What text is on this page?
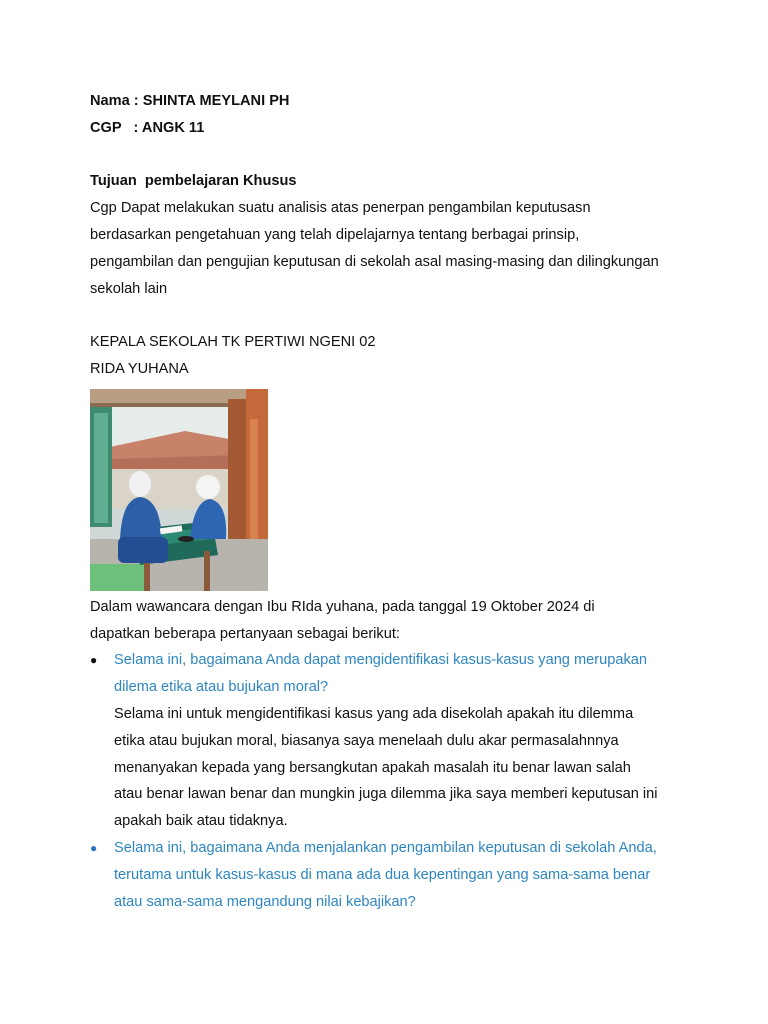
Nama : SHINTA MEYLANI PH
CGP   : ANGK 11
Tujuan  pembelajaran Khusus
Cgp Dapat melakukan suatu analisis atas penerpan pengambilan keputusasn
berdasarkan pengetahuan yang telah dipelajarnya tentang berbagai prinsip,
pengambilan dan pengujian keputusan di sekolah asal masing-masing dan dilingkungan
sekolah lain
KEPALA SEKOLAH TK PERTIWI NGENI 02
RIDA YUHANA
Dalam wawancara dengan Ibu RIda yuhana, pada tanggal 19 Oktober 2024 di
dapatkan beberapa pertanyaan sebagai berikut:
● Selama ini, bagaimana Anda dapat mengidentifikasi kasus-kasus yang merupakan
dilema etika atau bujukan moral?
Selama ini untuk mengidentifikasi kasus yang ada disekolah apakah itu dilemma
etika atau bujukan moral, biasanya saya menelaah dulu akar permasalahnnya
menanyakan kepada yang bersangkutan apakah masalah itu benar lawan salah
atau benar lawan benar dan mungkin juga dilemma jika saya memberi keputusan ini
apakah baik atau tidaknya.
● Selama ini, bagaimana Anda menjalankan pengambilan keputusan di sekolah Anda,
terutama untuk kasus-kasus di mana ada dua kepentingan yang sama-sama benar
atau sama-sama mengandung nilai kebajikan?
